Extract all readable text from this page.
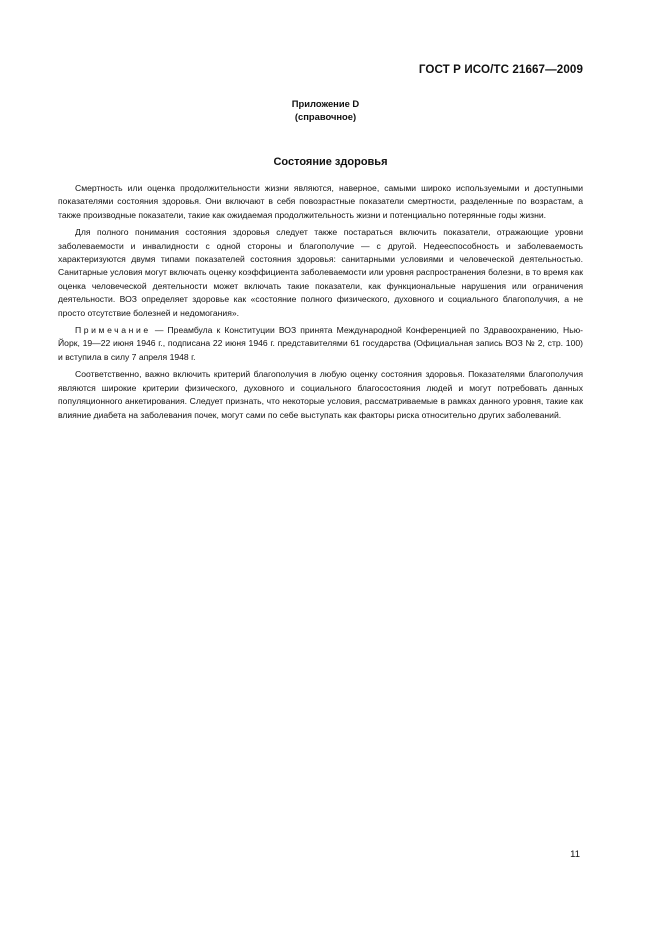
ГОСТ Р ИСО/ТС 21667—2009
Приложение D
(справочное)
Состояние здоровья

Смертность или оценка продолжительности жизни являются, наверное, самыми широко используемыми и доступными показателями состояния здоровья. Они включают в себя повозрастные показатели смертности, разделенные по возрастам, а также производные показатели, такие как ожидаемая продолжительность жизни и потенциально потерянные годы жизни.

Для полного понимания состояния здоровья следует также постараться включить показатели, отражающие уровни заболеваемости и инвалидности с одной стороны и благополучие — с другой. Недееспособность и заболеваемость характеризуются двумя типами показателей состояния здоровья: санитарными условиями и человеческой деятельностью. Санитарные условия могут включать оценку коэффициента заболеваемости или уровня распространения болезни, в то время как оценка человеческой деятельности может включать такие показатели, как функциональные нарушения или ограничения деятельности. ВОЗ определяет здоровье как «состояние полного физического, духовного и социального благополучия, а не просто отсутствие болезней и недомогания».

Примечание — Преамбула к Конституции ВОЗ принята Международной Конференцией по Здравоохранению, Нью-Йорк, 19—22 июня 1946 г., подписана 22 июня 1946 г. представителями 61 государства (Официальная запись ВОЗ № 2, стр. 100) и вступила в силу 7 апреля 1948 г.

Соответственно, важно включить критерий благополучия в любую оценку состояния здоровья. Показателями благополучия являются широкие критерии физического, духовного и социального благосостояния людей и могут потребовать данных популяционного анкетирования. Следует признать, что некоторые условия, рассматриваемые в рамках данного уровня, такие как влияние диабета на заболевания почек, могут сами по себе выступать как факторы риска относительно других заболеваний.

11
